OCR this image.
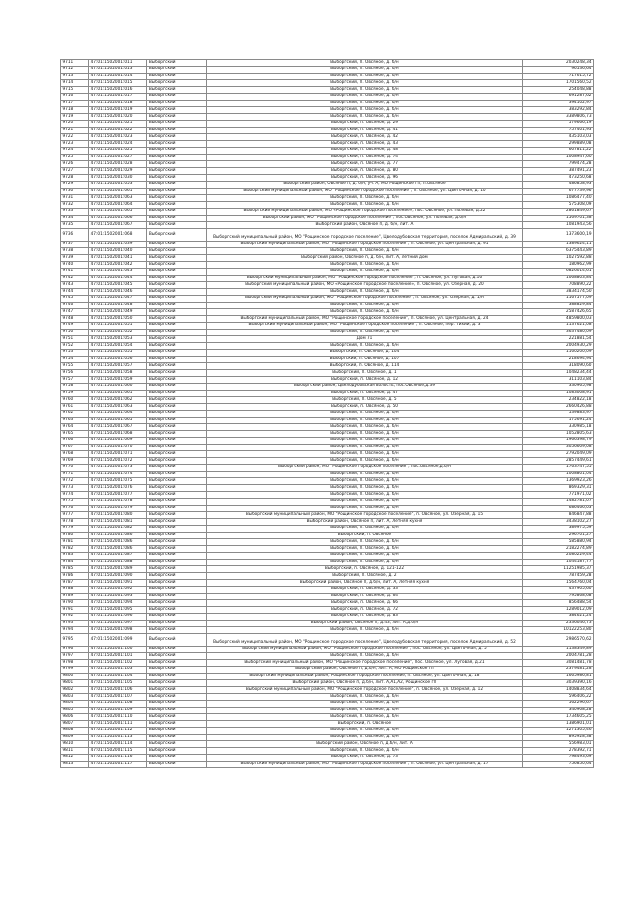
9711	47:01:1502001:011	Выборгский	Выборгский, п. Овсяное, д. б/н	2030248,34
9712	47:01:1502001:013	Выборгский	Выборгский, п. Овсяное, д. б/н	96536,64
9713	47:01:1502001:014	Выборгский	Выборгский, п. Овсяное, д. б/н	717615,72
9714	47:01:1502001:015	Выборгский	Выборгский, п. Овсяное, д. б/н	1701560,52
9715	47:01:1502001:016	Выборгский	Выборгский, п. Овсяное, д. б/н	254048,88
9716	47:01:1502001:017	Выборгский	Выборгский, п. Овсяное, д. б/н	691287,62
9717	47:01:1502001:018	Выборгский	Выборгский, п. Овсяное, д. б/н	394102,97
9718	47:01:1502001:019	Выборгский	Выборгский, п. Овсяное, д. б/н	383292,84
9719	47:01:1502001:020	Выборгский	Выборгский, п. Овсяное, д. б/н	3389806,73
9720	47:01:1502001:021	Выборгский	Выборгский, п. Овсяное, д. 29	579666,19
9721	47:01:1502001:022	Выборгский	Выборгский, п. Овсяное, д. 41	757401,93
9722	47:01:1502001:023	Выборгский	Выборгский, п. Овсяное, д. 42	435103,03
9723	47:01:1502001:024	Выборгский	Выборгский, п. Овсяное, д. 43	299889,08
9724	47:01:1502001:025	Выборгский	Выборгский, п. Овсяное, д. 48	607811,22
9725	47:01:1502001:027	Выборгский	Выборгский, п. Овсяное, д. 74	1008947,60
9726	47:01:1502001:028	Выборгский	Выборгский, п. Овсяное, д. 77	799474,28
9727	47:01:1502001:029	Выборгский	Выборгский, п. Овсяное, д. 80	387491,23
9728	47:01:1502001:030	Выборгский	Выборгский, п. Овсяное, д. 96	473250,68
9729	47:01:1502001:053	Выборгский	Выборгский район, Овсяное п, д. б/н, уч. А, МО Рощинское гп, п.Овсяное	486858,93
9730	47:01:1502001:061	Выборгский	Выборгский муниципальный район, МО "Рощинское городское поселение", п. Овсяное, ул. Цветочная, д. 10	677739,96
9731	47:01:1502001:063	Выборгский	Выборгский, п. Овсяное, д. б/н	1086477,40
9732	47:01:1502001:064	Выборгский	Выборгский, п. Овсяное, д. б/н	575308,09
9733	47:01:1502001:065	Выборгский	Выборгский муниципальный район, МО «Рощинское городское поселение», пос. Овсяное, ул. Полевая, д.22	2861849,67
9734	47:01:1502001:066	Выборгский	Выборгский район, МО "Рощинское городское поселение", пос.Овсяное, ул. Полевая, д.б/н	1569701,38
9735	47:01:1502001:067	Выборгский	Выборгский район, Овсяное п, д. б/н, лит. А	1081943,56
9736	47:01:1502001:068	Выборгский	Выборгский муниципальный район, МО "Рощинское городское поселение", Цвелодубовская территория, поселок Адмиральский, д. 39	1373600,19
9737	47:01:1502001:039	Выборгский	Выборгский муниципальный район, МО "Рощинское городское поселение", п. Овсяное, ул. Центральная, д. 91	1389624,11
9738	47:01:1502001:040	Выборгский	Выборгский, п. Овсяное, д. б/н	6375443,89
9739	47:01:1502001:041	Выборгский	Выборгский район, Овсяное п, д. б/н, лит. А, летний дом	1027592,88
9740	47:01:1502001:042	Выборгский	Выборгский, п. Овсяное, д. б/н	180962,99
9741	47:01:1502001:043	Выборгский	Выборгский, п. Овсяное, д. б/н	6826014,61
9742	47:01:1502001:044	Выборгский	Выборгский муниципальный район, МО "Рощинское городское поселение", п. Овсяное, ул. Луговая, д.16	1068803,84
9743	47:01:1502001:045	Выборгский	Выборгский муниципальный район, МО «Рощинское городское поселение», п. Овсяное, ул. Озерная, д. 20	708890,22
9744	47:01:1502001:046	Выборгский	Выборгский, п. Овсяное, д. б/н	3834174,50
9745	47:01:1502001:047	Выборгский	Выборгский муниципальный район, МО "Рощинское городское поселение", п. Овсяное, ул. Озерная, д. 1/н	1167577,09
9746	47:01:1502001:048	Выборгский	Выборгский, п. Овсяное, д. б/н	388829,84
9747	47:01:1502001:049	Выборгский	Выборгский, п. Овсяное, д. б/н	2587426,65
9748	47:01:1502001:050	Выборгский	Выборгский муниципальный район, МО "Рощинское городское поселение", п. Овсяное, ул. Центральная, д. 24	4859800,03
9749	47:01:1502001:051	Выборгский	Выборгский муниципальный район, МО "Рощинское городское поселение", п. Овсяное, пер. Тихий, д. 3	1137621,08
9750	47:01:1502001:052	Выборгский	Выборгский, п. Овсяное, д. б/н	3637480,09
9751	47:01:1502001:053	Выборгский	Дом 71	221881,54
9752	47:01:1502001:054	Выборгский	Выборгский, п. Овсяное, д. б/н	2004930,29
9753	47:01:1502001:055	Выборгский	Выборгский, п. Овсяное, д. 104	1160200,09
9754	47:01:1502001:056	Выборгский	Выборгский, п. Овсяное, д. 107	218694,94
9755	47:01:1502001:057	Выборгский	Выборгский, п. Овсяное, д. 114	318090,60
9756	47:01:1502001:058	Выборгский	Выборгский, п. Овсяное, д. 1	1048234,44
9757	47:01:1502001:059	Выборгский	Выборгский, п. Овсяное, д. 12	311103,84
9758	47:01:1502001:060	Выборгский	Выборгский район, Цвелодубовская волость, пос.Овсяное,д.39	330965,98
9759	47:01:1502001:061	Выборгский	Выборгский, п. Овсяное, д. 47	1083008,91
9760	47:01:1502001:062	Выборгский	Выборгский, п. Овсяное, д. 5	234822,18
9761	47:01:1502001:063	Выборгский	Выборгский, п. Овсяное, д. 50	2660426,88
9762	47:01:1502001:064	Выборгский	Выборгский, п. Овсяное, д. б/н	539883,97
9763	47:01:1502001:065	Выборгский	Выборгский, п. Овсяное, д. б/н	175691,24
9764	47:01:1502001:067	Выборгский	Выборгский, п. Овсяное, д. б/н	330985,18
9765	47:01:1502001:068	Выборгский	Выборгский, п. Овсяное, д. б/н	1052805,63
9766	47:01:1502001:069	Выборгский	Выборгский, п. Овсяное, д. б/н	1966398,79
9767	47:01:1502001:070	Выборгский	Выборгский, п. Овсяное, д. б/н	3056609,08
9768	47:01:1502001:071	Выборгский	Выборгский, п. Овсяное, д. б/н	2792049,09
9769	47:01:1502001:072	Выборгский	Выборгский, п. Овсяное, д. б/н	2857449,61
9770	47:01:1502001:073	Выборгский	Выборгский район, МО "Рощинское городское поселение", пос.Овсяное,д.б/н	1763747,55
9771	47:01:1502001:074	Выборгский	Выборгский, п. Овсяное, д. б/н	1008801,04
9772	47:01:1502001:075	Выборгский	Выборгский, п. Овсяное, д. б/н	1369923,26
9773	47:01:1502001:076	Выборгский	Выборгский, п. Овсяное, д. б/н	869329,31
9774	47:01:1502001:077	Выборгский	Выборгский, п. Овсяное, д. б/н	771971,02
9775	47:01:1502001:078	Выборгский	Выборгский, п. Овсяное, д. б/н	1482781,07
9776	47:01:1502001:079	Выборгский	Выборгский, п. Овсяное, д. б/н	686466,03
9777	47:01:1502001:080	Выборгский	Выборгский муниципальный район, МО "Рощинское городское поселение", п. Овсяное, ул. Озерная, д. 15	846847,88
9778	47:01:1502001:081	Выборгский	Выборгский район, Овсяное п, лит. А, Летняя кухня	3438102,27
9779	47:01:1502001:082	Выборгский	Выборгский, п. Овсяное, д. б/н	389975,59
9780	47:01:1502001:086	Выборгский	Выборгский, п. Овсяное	296701,27
9781	47:01:1502001:086	Выборгский	Выборгский, п. Овсяное, д. б/н	585880,94
9782	47:01:1502001:086	Выборгский	Выборгский, п. Овсяное, д. б/н	2182274,89
9783	47:01:1502001:087	Выборгский	Выборгский, п. Овсяное, д. б/н	2080229,44
9784	47:01:1502001:088	Выборгский	Выборгский, п. Овсяное, д. б/н	1044187,77
9785	47:01:1502001:089	Выборгский	Выборгский, п. Овсяное, д. 121-122	11251985,37
9786	47:01:1502001:090	Выборгский	Выборгский, п. Овсяное, д. 2	787459,28
9787	47:01:1502001:091	Выборгский	Выборгский район, Овсяное п, д.б/н, лит. А, Летняя кухня	1564760,04
9788	47:01:1502001:092	Выборгский	Выборгский, п. Овсяное, д. 33	437905,60
9789	47:01:1502001:093	Выборгский	Выборгский, п. Овсяное, д. 64	795868,68
9790	47:01:1502001:094	Выборгский	Выборгский, п. Овсяное, д. 66	856488,54
9791	47:01:1502001:095	Выборгский	Выборгский, п. Овсяное, д. 72	1289012,09
9792	47:01:1502001:096	Выборгский	Выборгский, п. Овсяное, д. 83	384621,24
9793	47:01:1502001:097	Выборгский	Выборгский район, Овсяное п, д.43, лит. А,д.б/н	2336046,73
9794	47:01:1502001:098	Выборгский	Выборгский, п. Овсяное, д. б/н	10122253,80
9795	47:01:1502001:099	Выборгский	Выборгский муниципальный район, МО "Рощинское городское поселение", Цвелодубовская территория, поселок Адмиральский, д. 52	2986570,62
9796	47:01:1502001:100	Выборгский	Выборгский муниципальный район, МО "Рощинское городское поселение", пос. Овсяное, ул. Цветочная, д. 5	1138349,89
9797	47:01:1502001:101	Выборгский	Выборгский, п. Овсяное, д. б/н	2004781,28
9798	47:01:1502001:102	Выборгский	Выборгский муниципальный район, МО "Рощинское городское поселение", пос. Овсяное, ул. Луговая, д.21	3081481,78
9799	47:01:1502001:103	Выборгский	Выборгский район, Овсяное п, д.б/н, лит. А, МО Рощинское гп	2379481,28
9800	47:01:1502001:104	Выборгский	Выборгский муниципальный район, Рощинское городское поселение, п. Овсяное, ул. Цветочная, д. 18	1665986,81
9801	47:01:1502001:105	Выборгский	Выборгский район, Овсяное п, д.б/н, лит. А,А1,А2, Рощинское гп	3039390,16
9802	47:01:1502001:106	Выборгский	Выборгский муниципальный район, МО "Рощинское городское поселение", п. Овсяное, ул. Озерная, д. 12	1408834,64
9803	47:01:1502001:107	Выборгский	Выборгский, п. Овсяное, д. б/н	596406,22
9804	47:01:1502001:108	Выборгский	Выборгский, п. Овсяное, д. б/н	562296,67
9805	47:01:1502001:109	Выборгский	Выборгский, п. Овсяное, д. б/н	340908,28
9806	47:01:1502001:110	Выборгский	Выборгский, п. Овсяное, д. б/н	1734605,25
9807	47:01:1502001:111	Выборгский	Выборгский, п. Овсяное	1386901,01
9808	47:01:1502001:112	Выборгский	Выборгский, п. Овсяное, д. б/н	1271305,46
9809	47:01:1502001:113	Выборгский	Выборгский, п. Овсяное, д. б/н	895928,38
9810	47:01:1502001:114	Выборгский	Выборгский район, Овсяное п, д.б/н, лит. А	556983,01
9811	47:01:1502001:115	Выборгский	Выборгский, п. Овсяное, д. б/н	278392,71
9812	47:01:1502001:116	Выборгский	Выборгский, п. Овсяное, д. 73	798493,69
9813	47:01:1502001:117	Выборгский	Выборгский муниципальный район, МО "Рощинское городское поселение", п. Овсяное, ул. Центральная, д. 17	756850,64
